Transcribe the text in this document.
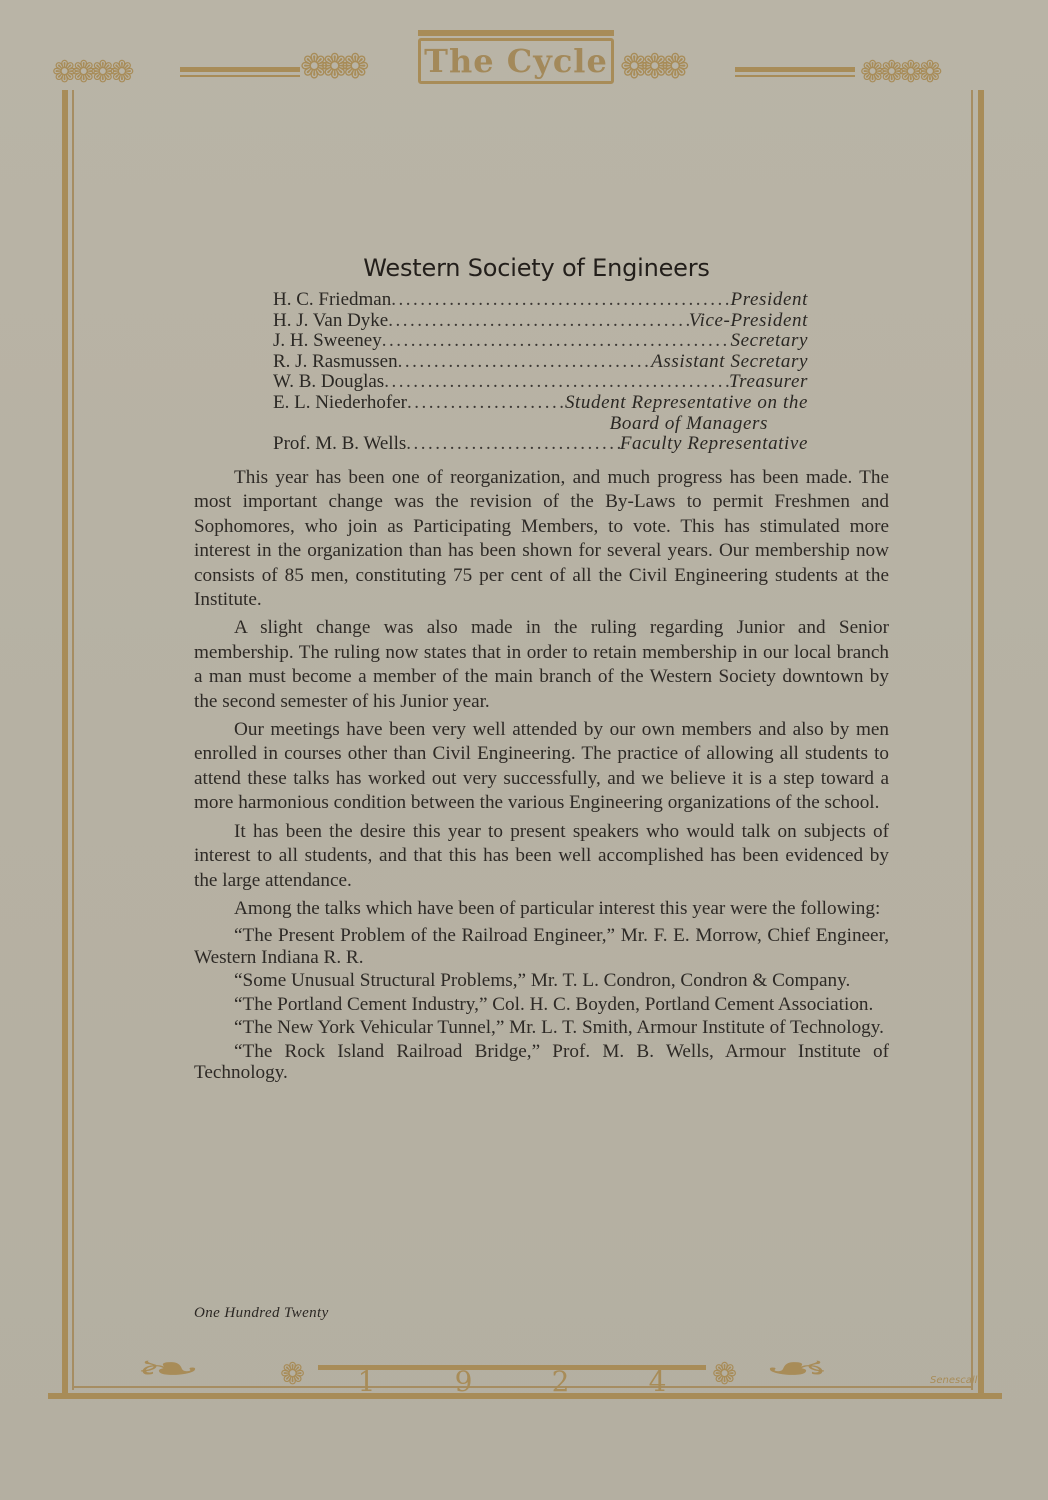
❁❁❁❁	❁❁❁	❁❁❁	❁❁❁❁
The Cycle
Western Society of Engineers
H. C. Friedman .....	President
H. J. Van Dyke .....	Vice-President
J. H. Sweeney .....	Secretary
R. J. Rasmussen .....	Assistant Secretary
W. B. Douglas .....	Treasurer
E. L. Niederhofer .....	Student Representative on the
Board of Managers
Prof. M. B. Wells .....	Faculty Representative

This year has been one of reorganization, and much progress has been made. The most important change was the revision of the By-Laws to permit Freshmen and Sophomores, who join as Participating Members, to vote. This has stimulated more interest in the organization than has been shown for several years. Our membership now consists of 85 men, constituting 75 per cent of all the Civil Engineering students at the Institute.

A slight change was also made in the ruling regarding Junior and Senior membership. The ruling now states that in order to retain membership in our local branch a man must become a member of the main branch of the Western Society downtown by the second semester of his Junior year.

Our meetings have been very well attended by our own members and also by men enrolled in courses other than Civil Engineering. The practice of allowing all students to attend these talks has worked out very successfully, and we believe it is a step toward a more harmonious condition between the various Engineering organizations of the school.

It has been the desire this year to present speakers who would talk on subjects of interest to all students, and that this has been well accomplished has been evidenced by the large attendance.

Among the talks which have been of particular interest this year were the following:

“The Present Problem of the Railroad Engineer,” Mr. F. E. Morrow, Chief Engineer, Western Indiana R. R.

“Some Unusual Structural Problems,” Mr. T. L. Condron, Condron & Company.

“The Portland Cement Industry,” Col. H. C. Boyden, Portland Cement Association.

“The New York Vehicular Tunnel,” Mr. L. T. Smith, Armour Institute of Technology.

“The Rock Island Railroad Bridge,” Prof. M. B. Wells, Armour Institute of Technology.

One Hundred Twenty
❧	❁ 1	9	2	4 ❁ ❧	Senescall
